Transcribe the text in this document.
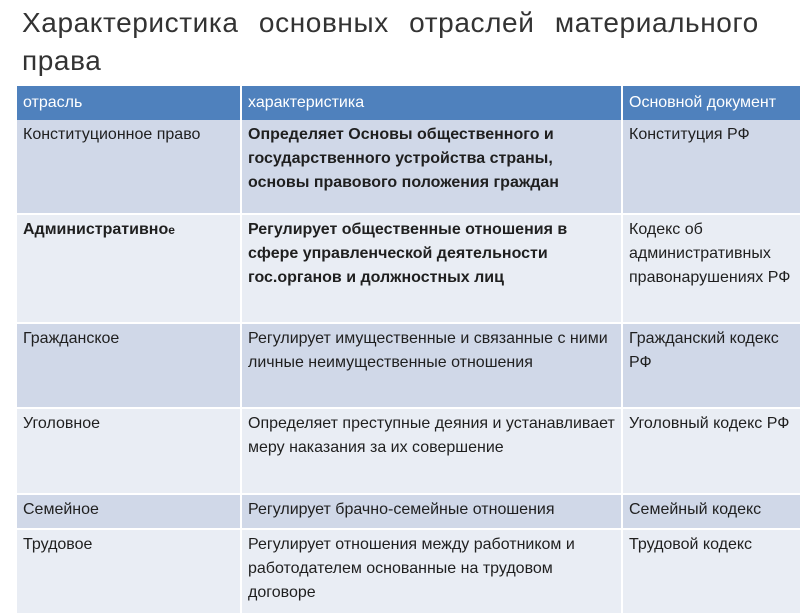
Характеристика основных отраслей материального права
отрасль	характеристика	Основной документ
Конституционное право	Определяет Основы общественного и государственного устройства страны, основы правового положения граждан	Конституция РФ
Административное	Регулирует общественные отношения в сфере управленческой деятельности гос.органов и должностных лиц	Кодекс об административных правонарушениях РФ
Гражданское	Регулирует имущественные и связанные с ними личные неимущественные отношения	Гражданский кодекс РФ
Уголовное	Определяет преступные деяния и устанавливает меру наказания за их совершение	Уголовный кодекс РФ
Семейное	Регулирует брачно-семейные отношения	Семейный кодекс
Трудовое	Регулирует отношения между работником и работодателем основанные на трудовом договоре	Трудовой кодекс
